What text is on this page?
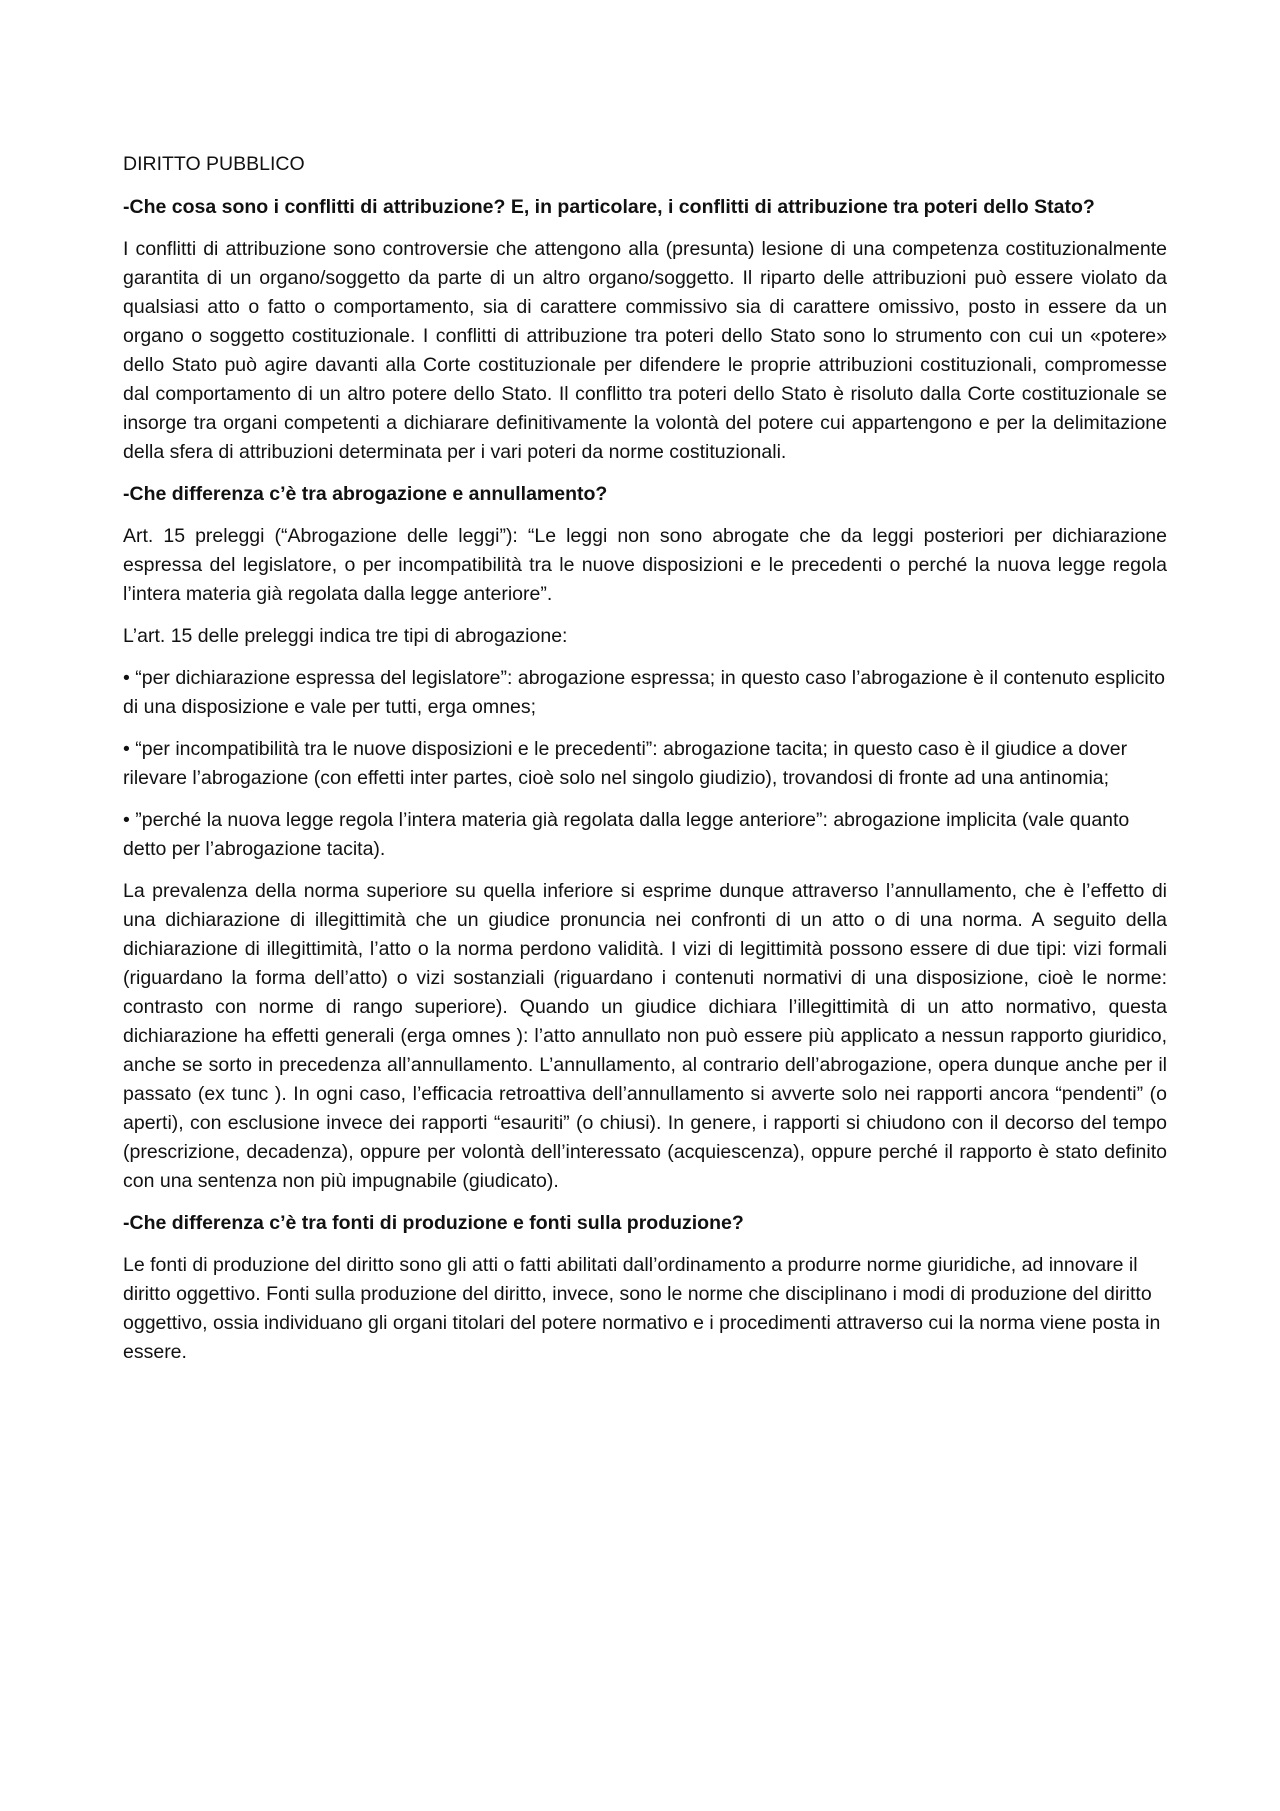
DIRITTO PUBBLICO

-Che cosa sono i conflitti di attribuzione? E, in particolare, i conflitti di attribuzione tra poteri dello Stato?

I conflitti di attribuzione sono controversie che attengono alla (presunta) lesione di una competenza costituzionalmente garantita di un organo/soggetto da parte di un altro organo/soggetto. Il riparto delle attribuzioni può essere violato da qualsiasi atto o fatto o comportamento, sia di carattere commissivo sia di carattere omissivo, posto in essere da un organo o soggetto costituzionale. I conflitti di attribuzione tra poteri dello Stato sono lo strumento con cui un «potere» dello Stato può agire davanti alla Corte costituzionale per difendere le proprie attribuzioni costituzionali, compromesse dal comportamento di un altro potere dello Stato. Il conflitto tra poteri dello Stato è risoluto dalla Corte costituzionale se insorge tra organi competenti a dichiarare definitivamente la volontà del potere cui appartengono e per la delimitazione della sfera di attribuzioni determinata per i vari poteri da norme costituzionali.

-Che differenza c’è tra abrogazione e annullamento?

Art. 15 preleggi (“Abrogazione delle leggi”): “Le leggi non sono abrogate che da leggi posteriori per dichiarazione espressa del legislatore, o per incompatibilità tra le nuove disposizioni e le precedenti o perché la nuova legge regola l’intera materia già regolata dalla legge anteriore”.

L’art. 15 delle preleggi indica tre tipi di abrogazione:

• “per dichiarazione espressa del legislatore”: abrogazione espressa; in questo caso l’abrogazione è il contenuto esplicito di una disposizione e vale per tutti, erga omnes;

• “per incompatibilità tra le nuove disposizioni e le precedenti”: abrogazione tacita; in questo caso è il giudice a dover rilevare l’abrogazione (con effetti inter partes, cioè solo nel singolo giudizio), trovandosi di fronte ad una antinomia;

• ”perché la nuova legge regola l’intera materia già regolata dalla legge anteriore”: abrogazione implicita (vale quanto detto per l’abrogazione tacita).

La prevalenza della norma superiore su quella inferiore si esprime dunque attraverso l’annullamento, che è l’effetto di una dichiarazione di illegittimità che un giudice pronuncia nei confronti di un atto o di una norma. A seguito della dichiarazione di illegittimità, l’atto o la norma perdono validità. I vizi di legittimità possono essere di due tipi: vizi formali (riguardano la forma dell’atto) o vizi sostanziali (riguardano i contenuti normativi di una disposizione, cioè le norme: contrasto con norme di rango superiore). Quando un giudice dichiara l’illegittimità di un atto normativo, questa dichiarazione ha effetti generali (erga omnes ): l’atto annullato non può essere più applicato a nessun rapporto giuridico, anche se sorto in precedenza all’annullamento. L’annullamento, al contrario dell’abrogazione, opera dunque anche per il passato (ex tunc ). In ogni caso, l’efficacia retroattiva dell’annullamento si avverte solo nei rapporti ancora “pendenti” (o aperti), con esclusione invece dei rapporti “esauriti” (o chiusi). In genere, i rapporti si chiudono con il decorso del tempo (prescrizione, decadenza), oppure per volontà dell’interessato (acquiescenza), oppure perché il rapporto è stato definito con una sentenza non più impugnabile (giudicato).

-Che differenza c’è tra fonti di produzione e fonti sulla produzione?

Le fonti di produzione del diritto sono gli atti o fatti abilitati dall’ordinamento a produrre norme giuridiche, ad innovare il diritto oggettivo. Fonti sulla produzione del diritto, invece, sono le norme che disciplinano i modi di produzione del diritto oggettivo, ossia individuano gli organi titolari del potere normativo e i procedimenti attraverso cui la norma viene posta in essere.
